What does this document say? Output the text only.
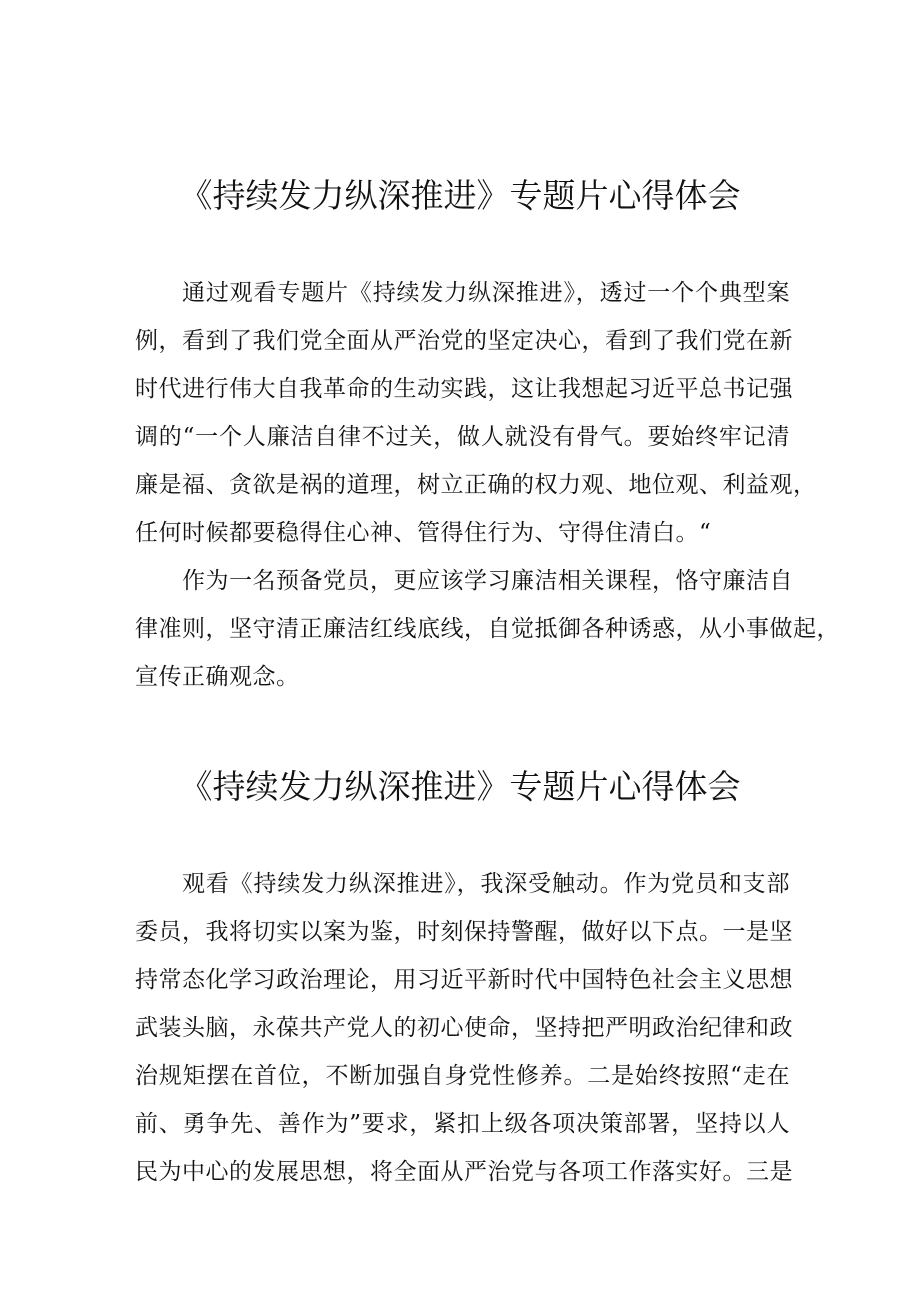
《持续发力纵深推进》专题片心得体会
通过观看专题片《持续发力纵深推进》，透过一个个典型案
例，看到了我们党全面从严治党的坚定决心，看到了我们党在新
时代进行伟大自我革命的生动实践，这让我想起习近平总书记强
调的“一个人廉洁自律不过关，做人就没有骨气。要始终牢记清
廉是福、贪欲是祸的道理，树立正确的权力观、地位观、利益观，
任何时候都要稳得住心神、管得住行为、守得住清白。“
作为一名预备党员，更应该学习廉洁相关课程，恪守廉洁自
律准则，坚守清正廉洁红线底线，自觉抵御各种诱惑，从小事做起，
宣传正确观念。
《持续发力纵深推进》专题片心得体会
观看《持续发力纵深推进》，我深受触动。作为党员和支部
委员，我将切实以案为鉴，时刻保持警醒，做好以下点。一是坚
持常态化学习政治理论，用习近平新时代中国特色社会主义思想
武装头脑，永葆共产党人的初心使命，坚持把严明政治纪律和政
治规矩摆在首位，不断加强自身党性修养。二是始终按照“走在
前、勇争先、善作为”要求，紧扣上级各项决策部署，坚持以人
民为中心的发展思想，将全面从严治党与各项工作落实好。三是
